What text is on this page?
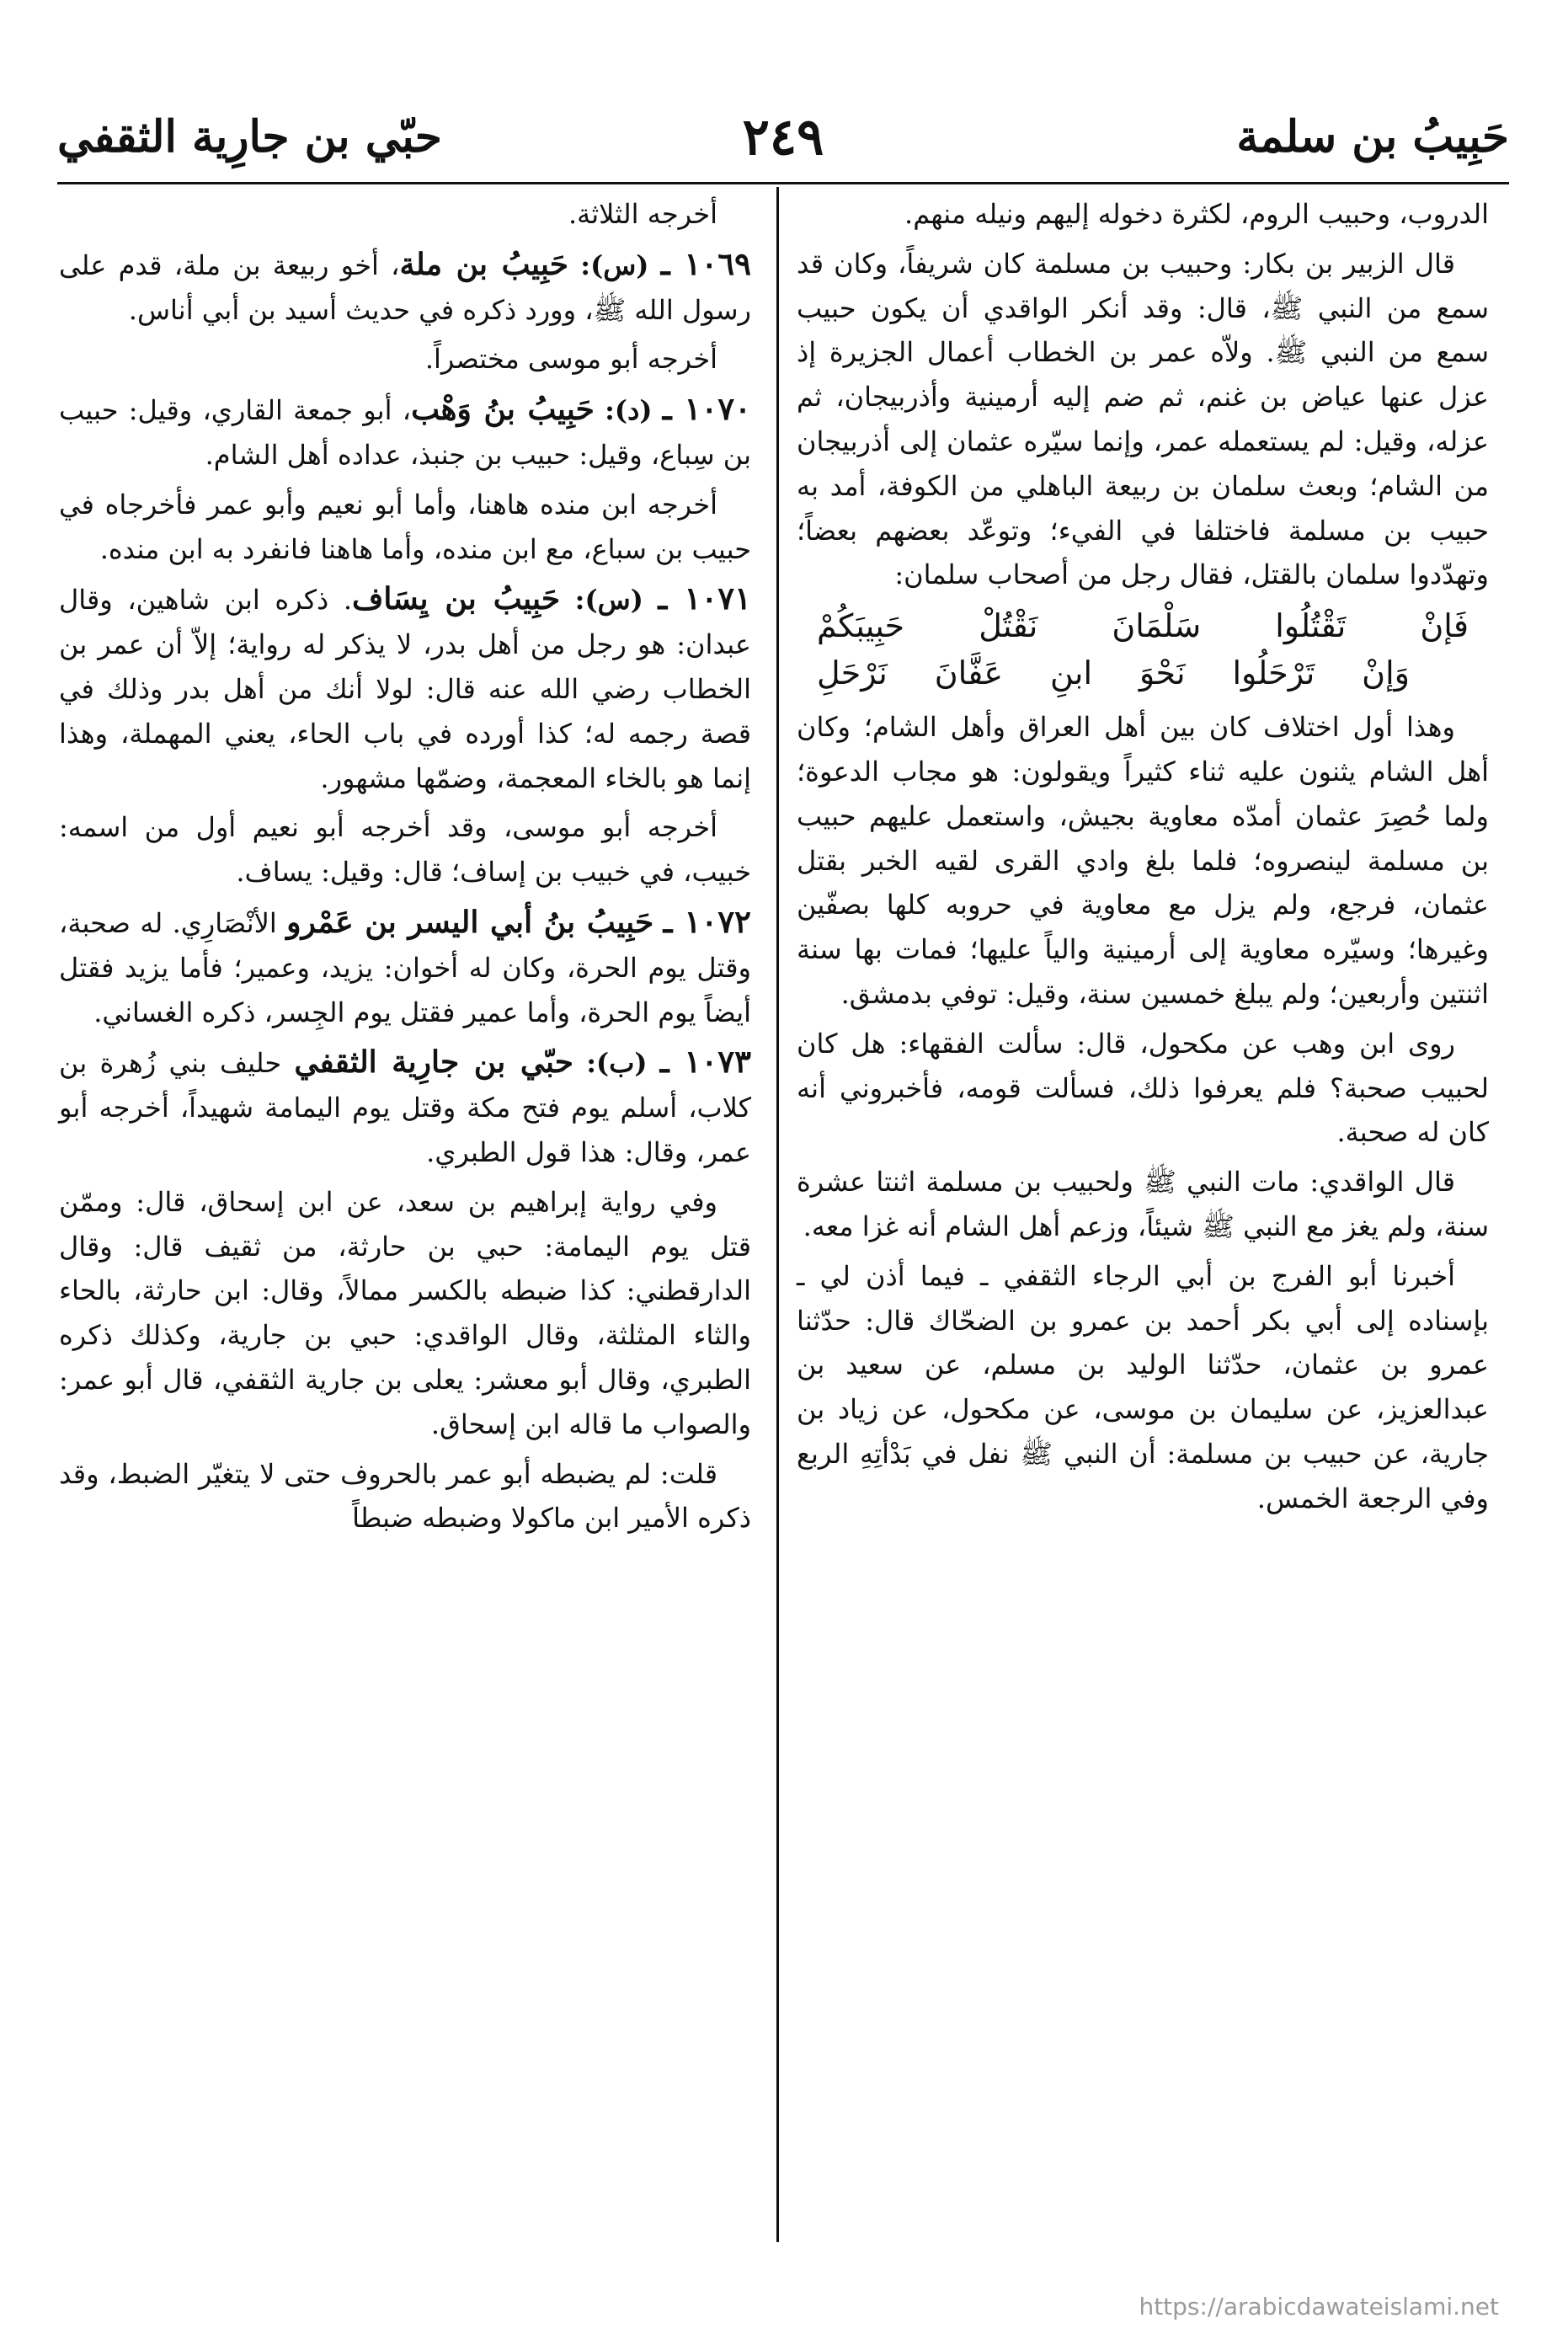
حَبِيبُ بن سلمة
٢٤٩
حبّي بن جارِية الثقفي

الدروب، وحبيب الروم، لكثرة دخوله إليهم ونيله منهم.

قال الزبير بن بكار: وحبيب بن مسلمة كان شريفاً، وكان قد سمع من النبي ﷺ، قال: وقد أنكر الواقدي أن يكون حبيب سمع من النبي ﷺ. ولاّه عمر بن الخطاب أعمال الجزيرة إذ عزل عنها عياض بن غنم، ثم ضم إليه أرمينية وأذربيجان، ثم عزله، وقيل: لم يستعمله عمر، وإنما سيّره عثمان إلى أذربيجان من الشام؛ وبعث سلمان بن ربيعة الباهلي من الكوفة، أمد به حبيب بن مسلمة فاختلفا في الفيء؛ وتوعّد بعضهم بعضاً؛ وتهدّدوا سلمان بالقتل، فقال رجل من أصحاب سلمان:

فَإنْ تَقْتُلُوا سَلْمَانَ نَقْتُلْ حَبِيبَكُمْ
وَإنْ تَرْحَلُوا نَحْوَ ابنِ عَفَّانَ نَرْحَلِ

وهذا أول اختلاف كان بين أهل العراق وأهل الشام؛ وكان أهل الشام يثنون عليه ثناء كثيراً ويقولون: هو مجاب الدعوة؛ ولما حُصِرَ عثمان أمدّه معاوية بجيش، واستعمل عليهم حبيب بن مسلمة لينصروه؛ فلما بلغ وادي القرى لقيه الخبر بقتل عثمان، فرجع، ولم يزل مع معاوية في حروبه كلها بصفّين وغيرها؛ وسيّره معاوية إلى أرمينية والياً عليها؛ فمات بها سنة اثنتين وأربعين؛ ولم يبلغ خمسين سنة، وقيل: توفي بدمشق.

روى ابن وهب عن مكحول، قال: سألت الفقهاء: هل كان لحبيب صحبة؟ فلم يعرفوا ذلك، فسألت قومه، فأخبروني أنه كان له صحبة.

قال الواقدي: مات النبي ﷺ ولحبيب بن مسلمة اثنتا عشرة سنة، ولم يغز مع النبي ﷺ شيئاً، وزعم أهل الشام أنه غزا معه.

أخبرنا أبو الفرج بن أبي الرجاء الثقفي ـ فيما أذن لي ـ بإسناده إلى أبي بكر أحمد بن عمرو بن الضحّاك قال: حدّثنا عمرو بن عثمان، حدّثنا الوليد بن مسلم، عن سعيد بن عبدالعزيز، عن سليمان بن موسى، عن مكحول، عن زياد بن جارية، عن حبيب بن مسلمة: أن النبي ﷺ نفل في بَدْأتِهِ الربع وفي الرجعة الخمس.

أخرجه الثلاثة.

١٠٦٩ ـ (س): حَبِيبُ بن ملة، أخو ربيعة بن ملة، قدم على رسول الله ﷺ، وورد ذكره في حديث أسيد بن أبي أناس.

أخرجه أبو موسى مختصراً.

١٠٧٠ ـ (د): حَبِيبُ بنُ وَهْب، أبو جمعة القاري، وقيل: حبيب بن سِباع، وقيل: حبيب بن جنبذ، عداده أهل الشام.

أخرجه ابن منده هاهنا، وأما أبو نعيم وأبو عمر فأخرجاه في حبيب بن سباع، مع ابن منده، وأما هاهنا فانفرد به ابن منده.

١٠٧١ ـ (س): حَبِيبُ بن يِسَاف. ذكره ابن شاهين، وقال عبدان: هو رجل من أهل بدر، لا يذكر له رواية؛ إلاّ أن عمر بن الخطاب رضي الله عنه قال: لولا أنك من أهل بدر وذلك في قصة رجمه له؛ كذا أورده في باب الحاء، يعني المهملة، وهذا إنما هو بالخاء المعجمة، وضمّها مشهور.

أخرجه أبو موسى، وقد أخرجه أبو نعيم أول من اسمه: خبيب، في خبيب بن إساف؛ قال: وقيل: يساف.

١٠٧٢ ـ حَبِيبُ بنُ أبي اليسر بن عَمْرو الأنْصَارِي. له صحبة، وقتل يوم الحرة، وكان له أخوان: يزيد، وعمير؛ فأما يزيد فقتل أيضاً يوم الحرة، وأما عمير فقتل يوم الجِسر، ذكره الغساني.

١٠٧٣ ـ (ب): حبّي بن جارِية الثقفي حليف بني زُهرة بن كلاب، أسلم يوم فتح مكة وقتل يوم اليمامة شهيداً، أخرجه أبو عمر، وقال: هذا قول الطبري.

وفي رواية إبراهيم بن سعد، عن ابن إسحاق، قال: وممّن قتل يوم اليمامة: حبي بن حارثة، من ثقيف قال: وقال الدارقطني: كذا ضبطه بالكسر ممالاً، وقال: ابن حارثة، بالحاء والثاء المثلثة، وقال الواقدي: حبي بن جارية، وكذلك ذكره الطبري، وقال أبو معشر: يعلى بن جارية الثقفي، قال أبو عمر: والصواب ما قاله ابن إسحاق.

قلت: لم يضبطه أبو عمر بالحروف حتى لا يتغيّر الضبط، وقد ذكره الأمير ابن ماكولا وضبطه ضبطاً

https://arabicdawateislami.net
